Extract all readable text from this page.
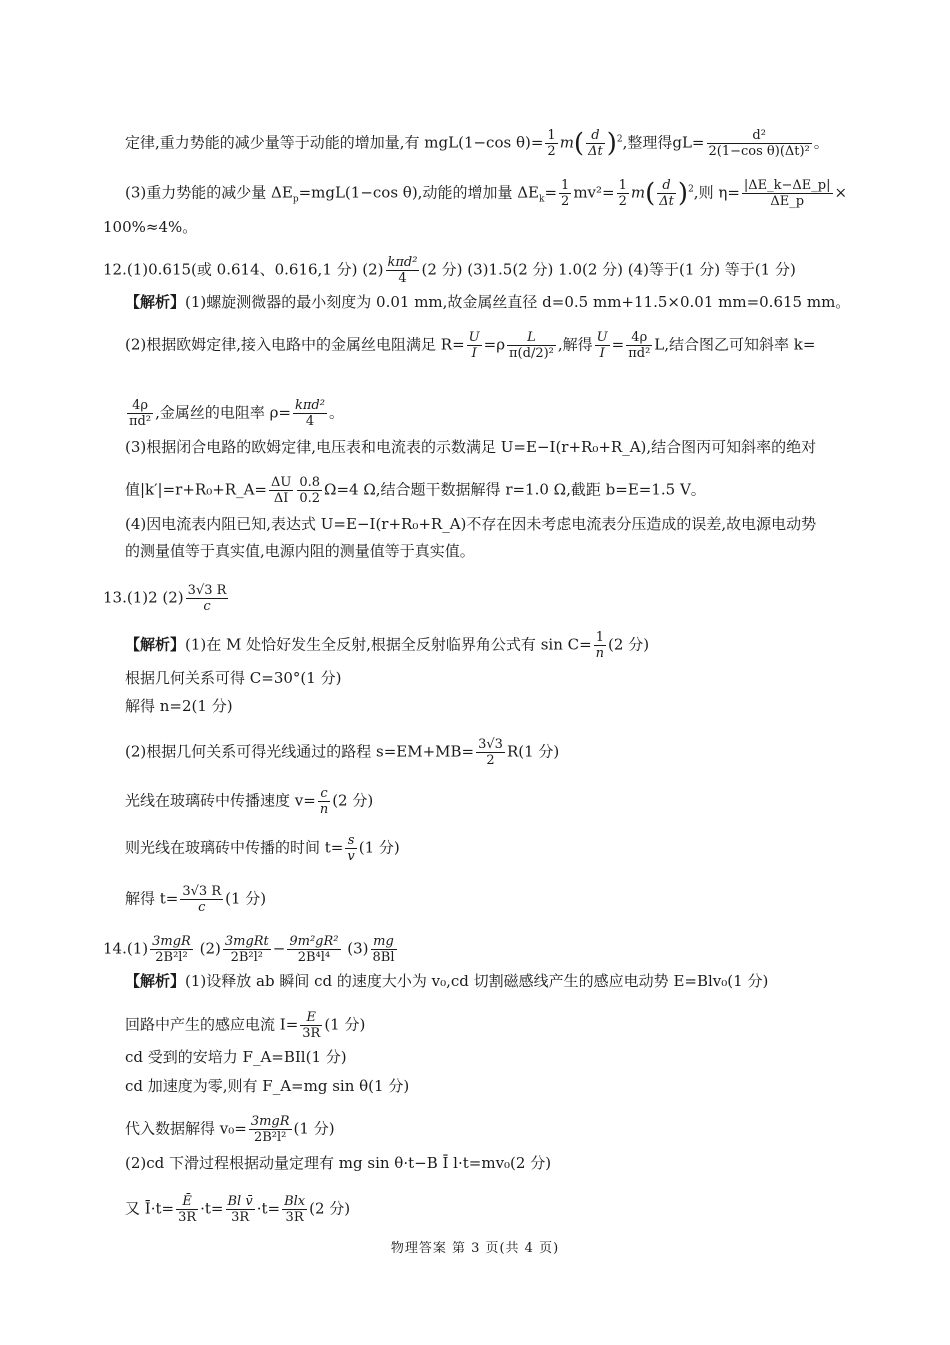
定律,重力势能的减少量等于动能的增加量,有 mgL(1−cos $\theta)= \frac{1}{2} m( \frac{d}{\Delta t} )^2$,整理得$gL= \frac{\text{d²}}{\text{2(1−cos θ)(Δt)²}}$ 。
(3)重力势能的减少量 $\Delta E_p=mgL(1-\cos$ θ),动能的增加量 $\Delta E_k= \frac{1}{2} mv^2= \frac{1}{2} m( \frac{d}{\Delta t} )^2$,则 $\eta= \frac{|\Delta E\_k-\Delta E\_p|}{\Delta E\_p}$ ×
100%≈4%。
12.(1)0.615(或 0.614、0.616,1 分) $(2) \frac{\text{kπd²}}{4} (2$ 分) (3)1.5(2 分) 1.0(2 分) (4)等于(1 分) 等于(1 分)
【解析】(1)螺旋测微器的最小刻度为 0.01 mm,故金属丝直径 d=0.5 mm+11.5×0.01 mm=0.615 mm。
(2)根据欧姆定律,接入电路中的金属丝电阻满足 $R= \frac{U}{I} =\rho \frac{L}{\text{π(d/2)²}}$ ,解得 $\frac{U}{I} = \frac{4\rho}{\text{πd²}} L$,结合图乙可知斜率 k=
$\frac{4\rho}{\text{πd²}}$ ,金属丝的电阻率 $\rho= \frac{\text{kπd²}}{4}$ 。
(3)根据闭合电路的欧姆定律,电压表和电流表的示数满足 U=E−I(r+R₀+R_A),结合图丙可知斜率的绝对
值|k′|=r+R₀+R_A= $\frac{\Delta U}{\Delta I} \frac{0.8}{0.2} \Omega=4$ Ω,结合题干数据解得 r=1.0 Ω,截距 b=E=1.5 V。
(4)因电流表内阻已知,表达式 U=E−I(r+R₀+R_A)不存在因未考虑电流表分压造成的误差,故电源电动势
的测量值等于真实值,电源内阻的测量值等于真实值。
13.(1)2 $(2) \frac{3√3 R}{c}$
【解析】(1)在 M 处恰好发生全反射,根据全反射临界角公式有 $\sin C= \frac{1}{n} (2$ 分)
根据几何关系可得 C=30°(1 分)
解得 n=2(1 分)
(2)根据几何关系可得光线通过的路程 $s=EM+MB= \frac{3√3}{2} R(1$ 分)
光线在玻璃砖中传播速度 $v= \frac{c}{n} (2$ 分)
则光线在玻璃砖中传播的时间 $t= \frac{s}{v} (1$ 分)
解得 $t= \frac{3√3 R}{c} (1$ 分)
$14.(1) \frac{\text{3mgR}}{\text{2B²l²}} (2) \frac{\text{3mgRt}}{\text{2B²l²}} - \frac{\text{9m²gR²}}{\text{2B⁴l⁴}} (3) \frac{mg}{8Bl}$
【解析】(1)设释放 ab 瞬间 cd 的速度大小为 v₀,cd 切割磁感线产生的感应电动势 E=Blv₀(1 分)
回路中产生的感应电流 $I= \frac{E}{3R} (1$ 分)
cd 受到的安培力 F_A=BIl(1 分)
cd 加速度为零,则有 F_A=mg sin θ(1 分)
代入数据解得 $v_0= \frac{\text{3mgR}}{\text{2B²l²}} (1$ 分)
(2)cd 下滑过程根据动量定理有 mg sin θ·t−B Ī l·t=mv₀(2 分)
又 Ī·t= $\frac{Ē}{3R} \cdot t= \frac{\text{Bl v̄}}{3R} \cdot t= \frac{\text{Blx}}{3R} (2$ 分)
物理答案 第 3 页(共 4 页)
